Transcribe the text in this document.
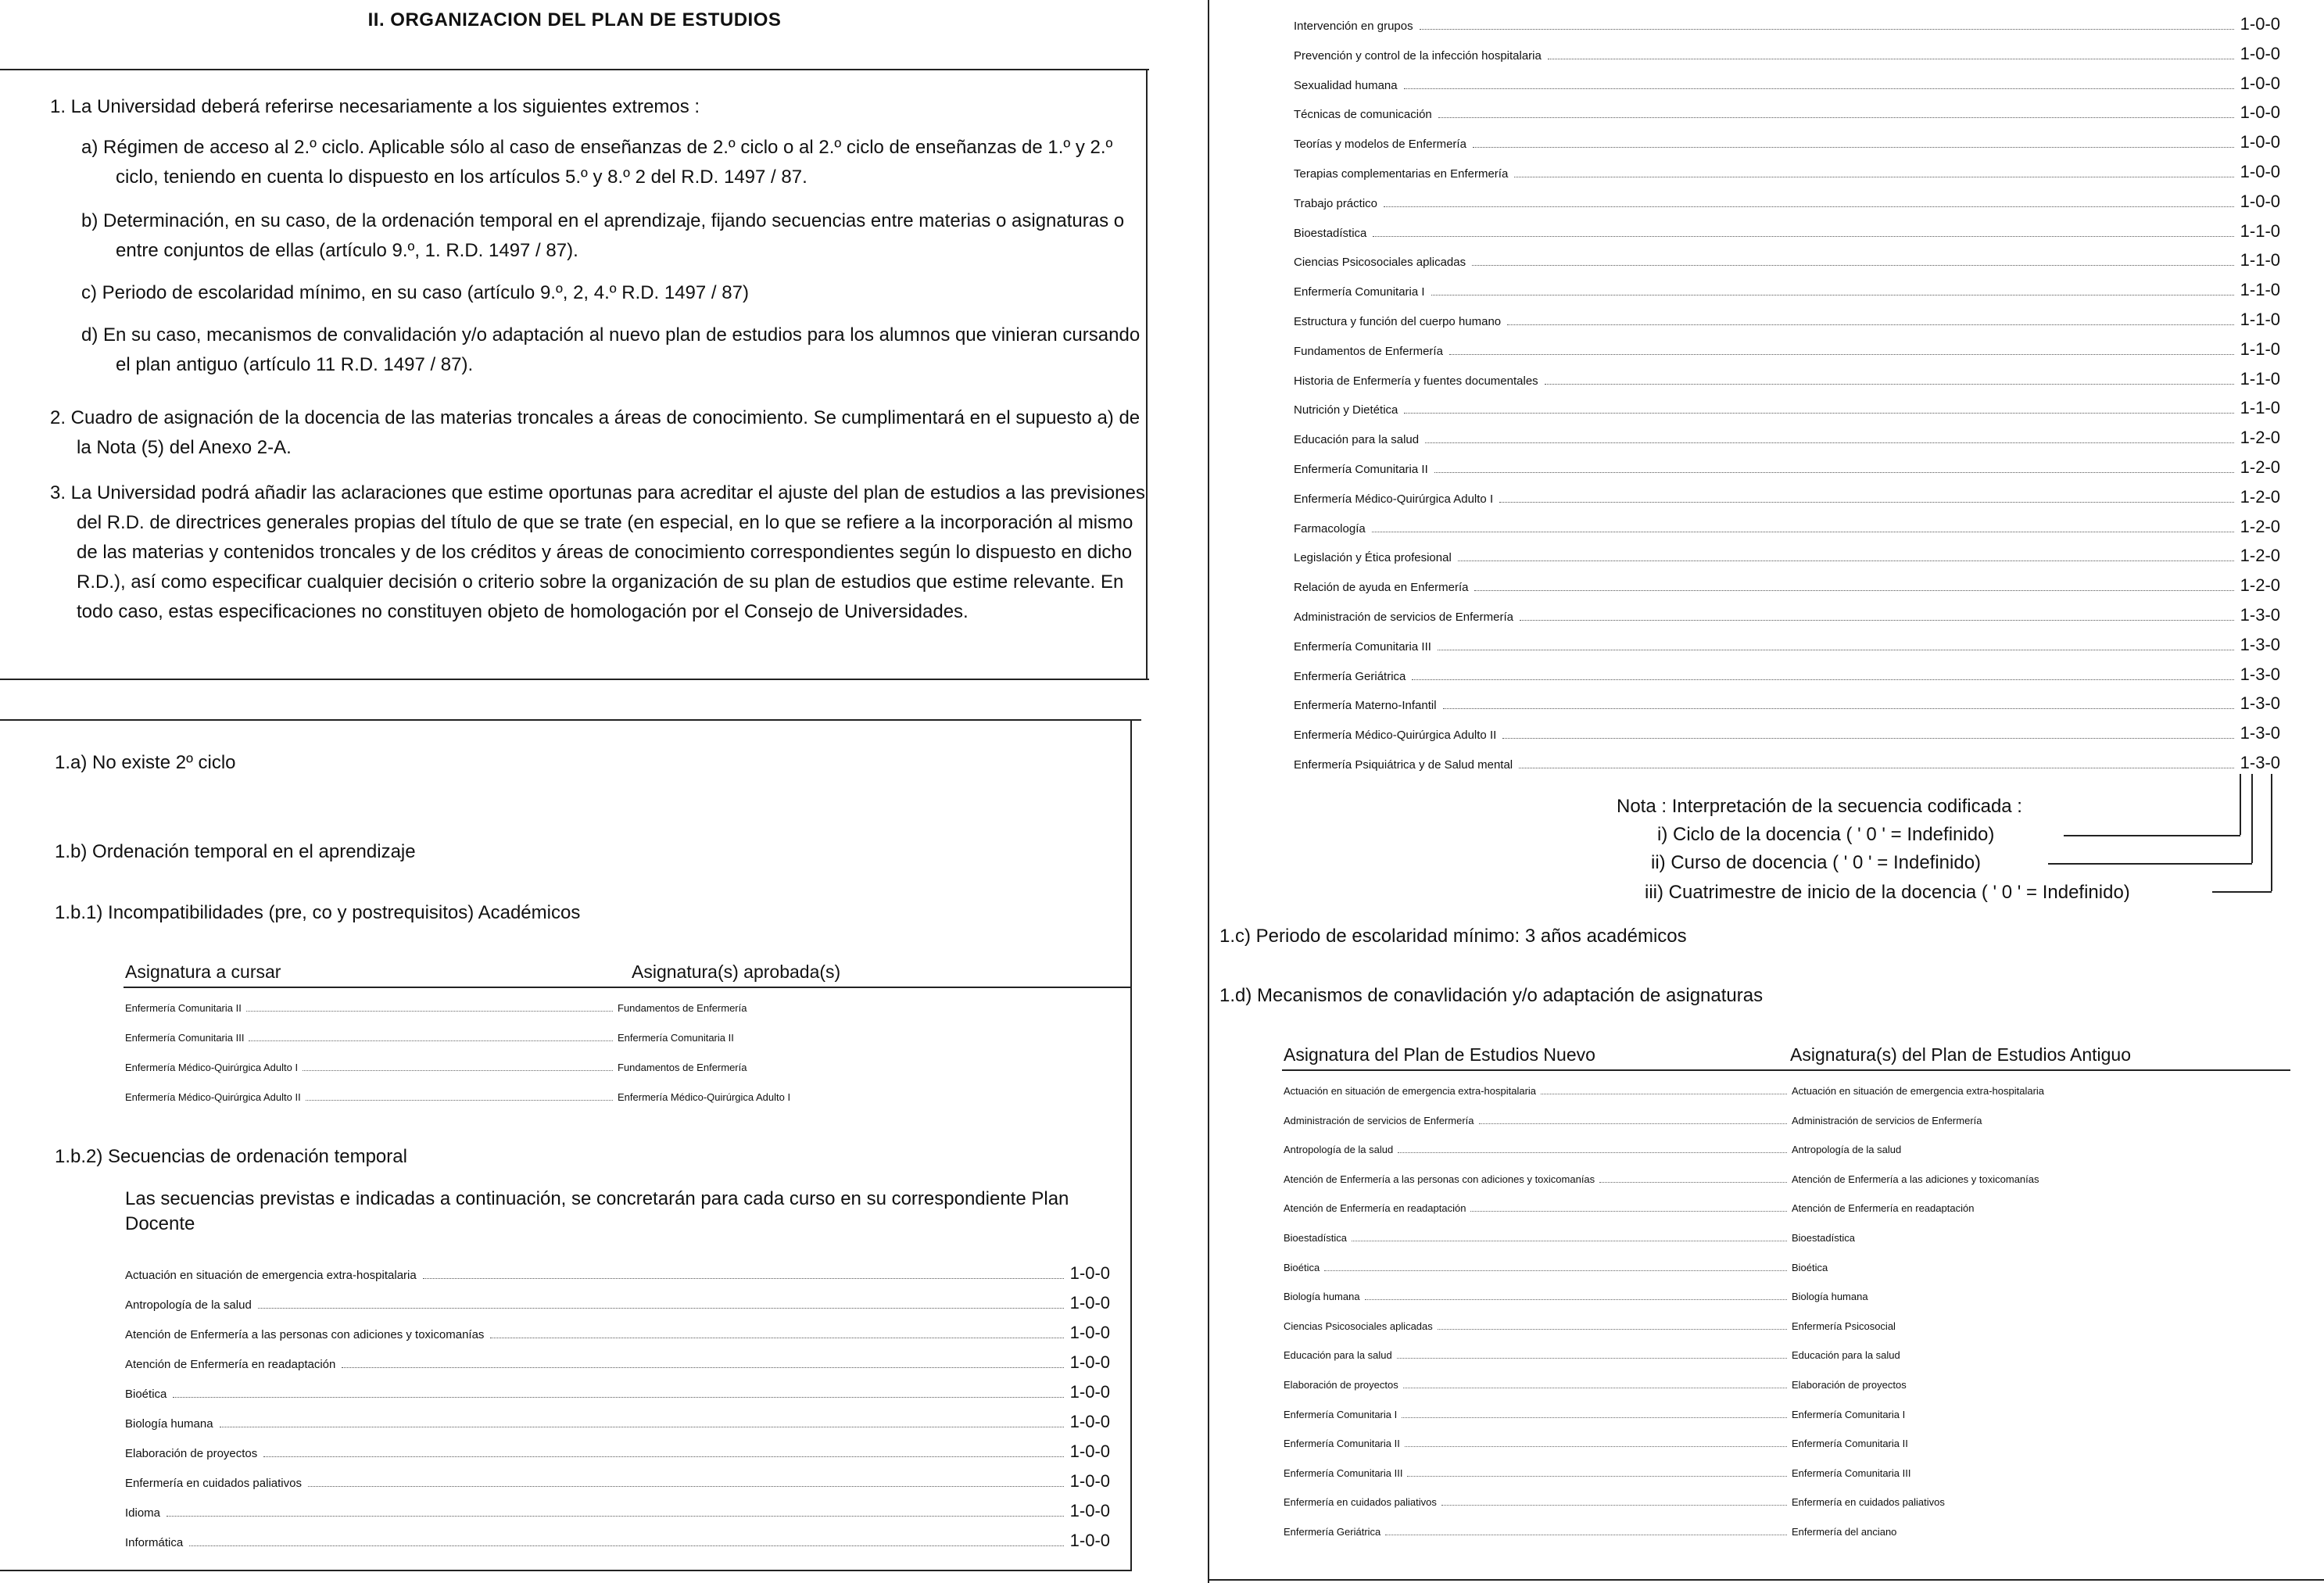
II. ORGANIZACION DEL PLAN DE ESTUDIOS
1. La Universidad deberá referirse necesariamente a los siguientes extremos :
a) Régimen de acceso al 2.º ciclo. Aplicable sólo al caso de enseñanzas de 2.º ciclo o al 2.º ciclo de enseñanzas de 1.º y 2.º ciclo, teniendo en cuenta lo dispuesto en los artículos 5.º y 8.º 2 del R.D. 1497 / 87.
b) Determinación, en su caso, de la ordenación temporal en el aprendizaje, fijando secuencias entre materias o asignaturas o entre conjuntos de ellas (artículo 9.º, 1. R.D. 1497 / 87).
c) Periodo de escolaridad mínimo, en su caso (artículo 9.º, 2, 4.º R.D. 1497 / 87)
d) En su caso, mecanismos de convalidación y/o adaptación al nuevo plan de estudios para los alumnos que vinieran cursando el plan antiguo (artículo 11 R.D. 1497 / 87).
2. Cuadro de asignación de la docencia de las materias troncales a áreas de conocimiento. Se cumplimentará en el supuesto a) de la Nota (5) del Anexo 2-A.
3. La Universidad podrá añadir las aclaraciones que estime oportunas para acreditar el ajuste del plan de estudios a las previsiones del R.D. de directrices generales propias del título de que se trate (en especial, en lo que se refiere a la incorporación al mismo de las materias y contenidos troncales y de los créditos y áreas de conocimiento correspondientes según lo dispuesto en dicho R.D.), así como especificar cualquier decisión o criterio sobre la organización de su plan de estudios que estime relevante. En todo caso, estas especificaciones no constituyen objeto de homologación por el Consejo de Universidades.
1.a) No existe 2º ciclo
1.b) Ordenación temporal en el aprendizaje
1.b.1) Incompatibilidades (pre, co y postrequisitos) Académicos
Asignatura a cursar	Asignatura(s) aprobada(s)
Enfermería Comunitaria II	Fundamentos de Enfermería
Enfermería Comunitaria III	Enfermería Comunitaria II
Enfermería Médico-Quirúrgica Adulto I	Fundamentos de Enfermería
Enfermería Médico-Quirúrgica Adulto II	Enfermería Médico-Quirúrgica Adulto I
1.b.2) Secuencias de ordenación temporal
Las secuencias previstas e indicadas a continuación, se concretarán para cada curso en su correspondiente Plan Docente
Actuación en situación de emergencia extra-hospitalaria	1-0-0
Antropología de la salud	1-0-0
Atención de Enfermería a las personas con adiciones y toxicomanías	1-0-0
Atención de Enfermería en readaptación	1-0-0
Bioética	1-0-0
Biología humana	1-0-0
Elaboración de proyectos	1-0-0
Enfermería en cuidados paliativos	1-0-0
Idioma	1-0-0
Informática	1-0-0
Intervención en grupos	1-0-0
Prevención y control de la infección hospitalaria	1-0-0
Sexualidad humana	1-0-0
Técnicas de comunicación	1-0-0
Teorías y modelos de Enfermería	1-0-0
Terapias complementarias en Enfermería	1-0-0
Trabajo práctico	1-0-0
Bioestadística	1-1-0
Ciencias Psicosociales aplicadas	1-1-0
Enfermería Comunitaria I	1-1-0
Estructura y función del cuerpo humano	1-1-0
Fundamentos de Enfermería	1-1-0
Historia de Enfermería y fuentes documentales	1-1-0
Nutrición y Dietética	1-1-0
Educación para la salud	1-2-0
Enfermería Comunitaria II	1-2-0
Enfermería Médico-Quirúrgica Adulto I	1-2-0
Farmacología	1-2-0
Legislación y Ética profesional	1-2-0
Relación de ayuda en Enfermería	1-2-0
Administración de servicios de Enfermería	1-3-0
Enfermería Comunitaria III	1-3-0
Enfermería Geriátrica	1-3-0
Enfermería Materno-Infantil	1-3-0
Enfermería Médico-Quirúrgica Adulto II	1-3-0
Enfermería Psiquiátrica y de Salud mental	1-3-0
Nota : Interpretación de la secuencia codificada :
i) Ciclo de la docencia ( ' 0 ' = Indefinido)
ii) Curso de docencia ( ' 0 ' = Indefinido)
iii) Cuatrimestre de inicio de la docencia ( ' 0 ' = Indefinido)
1.c) Periodo de escolaridad mínimo: 3 años académicos
1.d) Mecanismos de conavlidación y/o adaptación de asignaturas
Asignatura del Plan de Estudios Nuevo	Asignatura(s) del Plan de Estudios Antiguo
Actuación en situación de emergencia extra-hospitalaria	Actuación en situación de emergencia extra-hospitalaria
Administración de servicios de Enfermería	Administración de servicios de Enfermería
Antropología de la salud	Antropología de la salud
Atención de Enfermería a las personas con adiciones y toxicomanías	Atención de Enfermería a las adiciones y toxicomanías
Atención de Enfermería en readaptación	Atención de Enfermería en readaptación
Bioestadística	Bioestadística
Bioética	Bioética
Biología humana	Biología humana
Ciencias Psicosociales aplicadas	Enfermería Psicosocial
Educación para la salud	Educación para la salud
Elaboración de proyectos	Elaboración de proyectos
Enfermería Comunitaria I	Enfermería Comunitaria I
Enfermería Comunitaria II	Enfermería Comunitaria II
Enfermería Comunitaria III	Enfermería Comunitaria III
Enfermería en cuidados paliativos	Enfermería en cuidados paliativos
Enfermería Geriátrica	Enfermería del anciano
